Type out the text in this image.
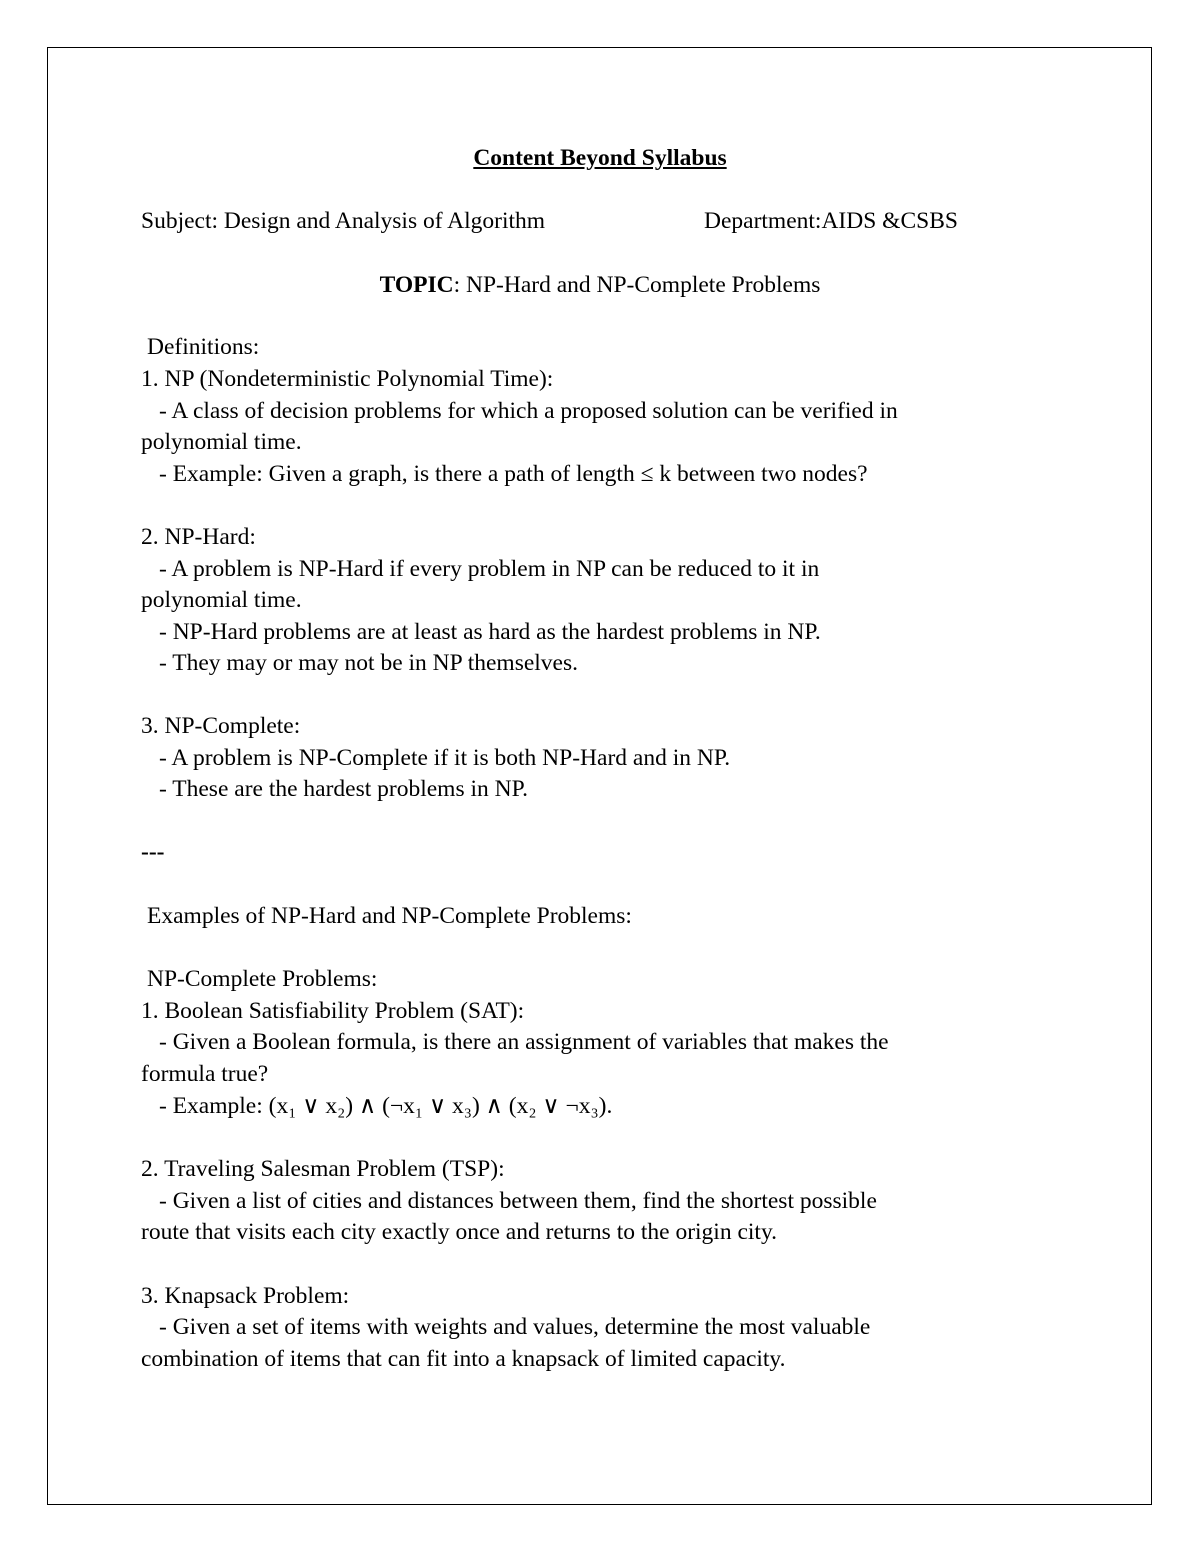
Content Beyond Syllabus
Subject: Design and Analysis of Algorithm	Department:AIDS &CSBS
TOPIC: NP-Hard and NP-Complete Problems
Definitions:
1. NP (Nondeterministic Polynomial Time):
- A class of decision problems for which a proposed solution can be verified in
polynomial time.
- Example: Given a graph, is there a path of length ≤ k between two nodes?
2. NP-Hard:
- A problem is NP-Hard if every problem in NP can be reduced to it in
polynomial time.
- NP-Hard problems are at least as hard as the hardest problems in NP.
- They may or may not be in NP themselves.
3. NP-Complete:
- A problem is NP-Complete if it is both NP-Hard and in NP.
- These are the hardest problems in NP.
---
Examples of NP-Hard and NP-Complete Problems:
NP-Complete Problems:
1. Boolean Satisfiability Problem (SAT):
- Given a Boolean formula, is there an assignment of variables that makes the
formula true?
- Example: (x₁ ∨ x₂) ∧ (¬x₁ ∨ x₃) ∧ (x₂ ∨ ¬x₃).
2. Traveling Salesman Problem (TSP):
- Given a list of cities and distances between them, find the shortest possible
route that visits each city exactly once and returns to the origin city.
3. Knapsack Problem:
- Given a set of items with weights and values, determine the most valuable
combination of items that can fit into a knapsack of limited capacity.
